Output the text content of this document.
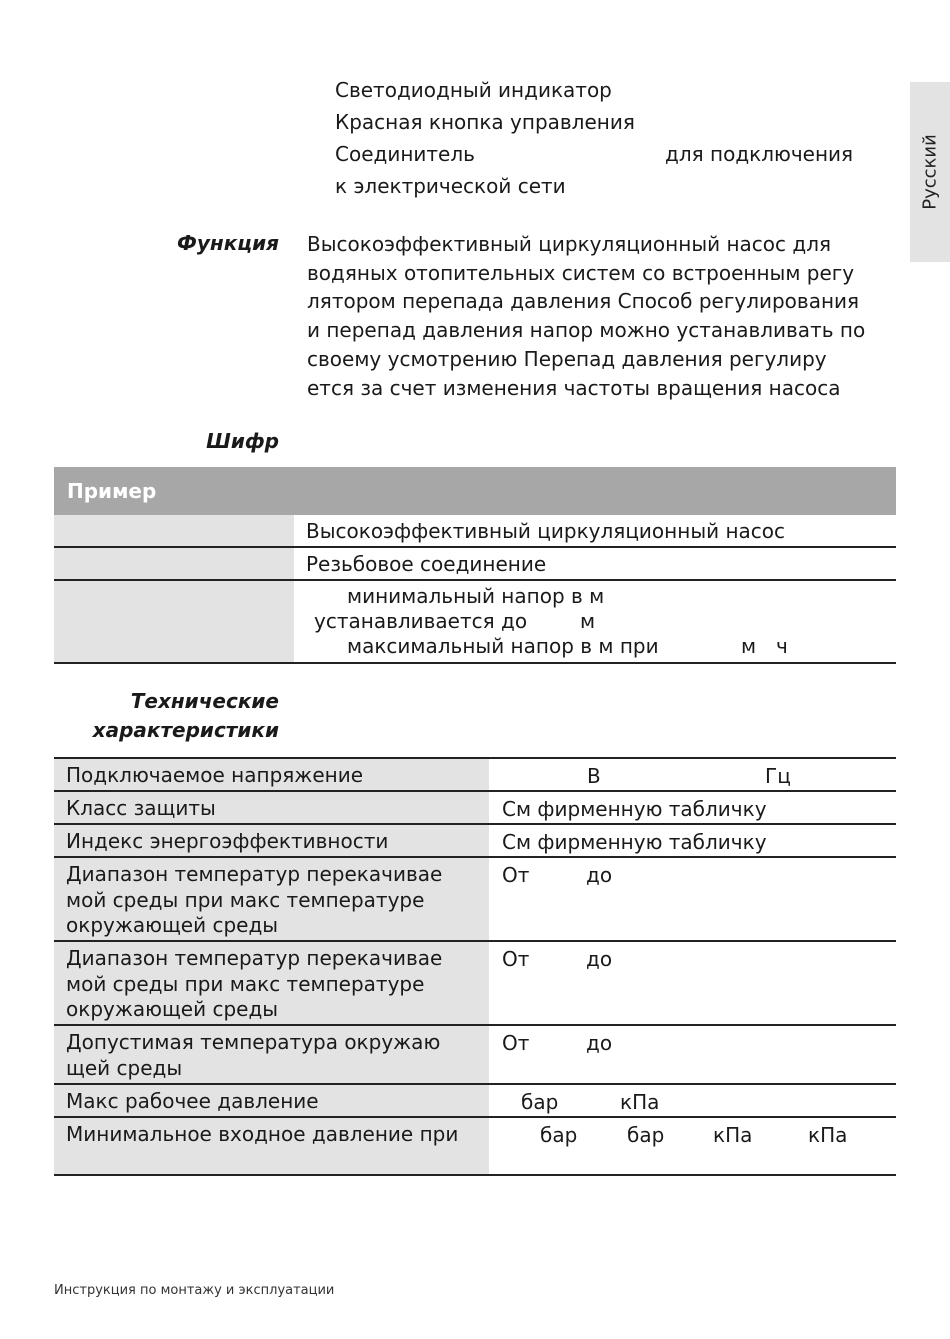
Русский
Светодиодный индикатор
Красная кнопка управления
Соединитель	для подключения
к электрической сети
Функция Высокоэффективный циркуляционный насос для
водяных отопительных систем со встроенным регу
лятором перепада давления Способ регулирования
и перепад давления напор можно устанавливать по
своему усмотрению Перепад давления регулиру
ется за счет изменения частоты вращения насоса
Шифр
Пример
Высокоэффективный циркуляционный насос
Резьбовое соединение
минимальный напор в м
устанавливается до	м
максимальный напор в м при	м ч
Технические
характеристики
Подключаемое напряжение	В	Гц
Класс защиты	См фирменную табличку
Индекс энергоэффективности	См фирменную табличку
Диапазон температур перекачивае
мой среды при макс температуре
окружающей среды
От	до
Диапазон температур перекачивае
мой среды при макс температуре
окружающей среды
От	до
Допустимая температура окружаю
щей среды
От	до
Макс рабочее давление	бар	кПа
Минимальное входное давление при	бар бар кПа	кПа
Инструкция по монтажу и эксплуатации
